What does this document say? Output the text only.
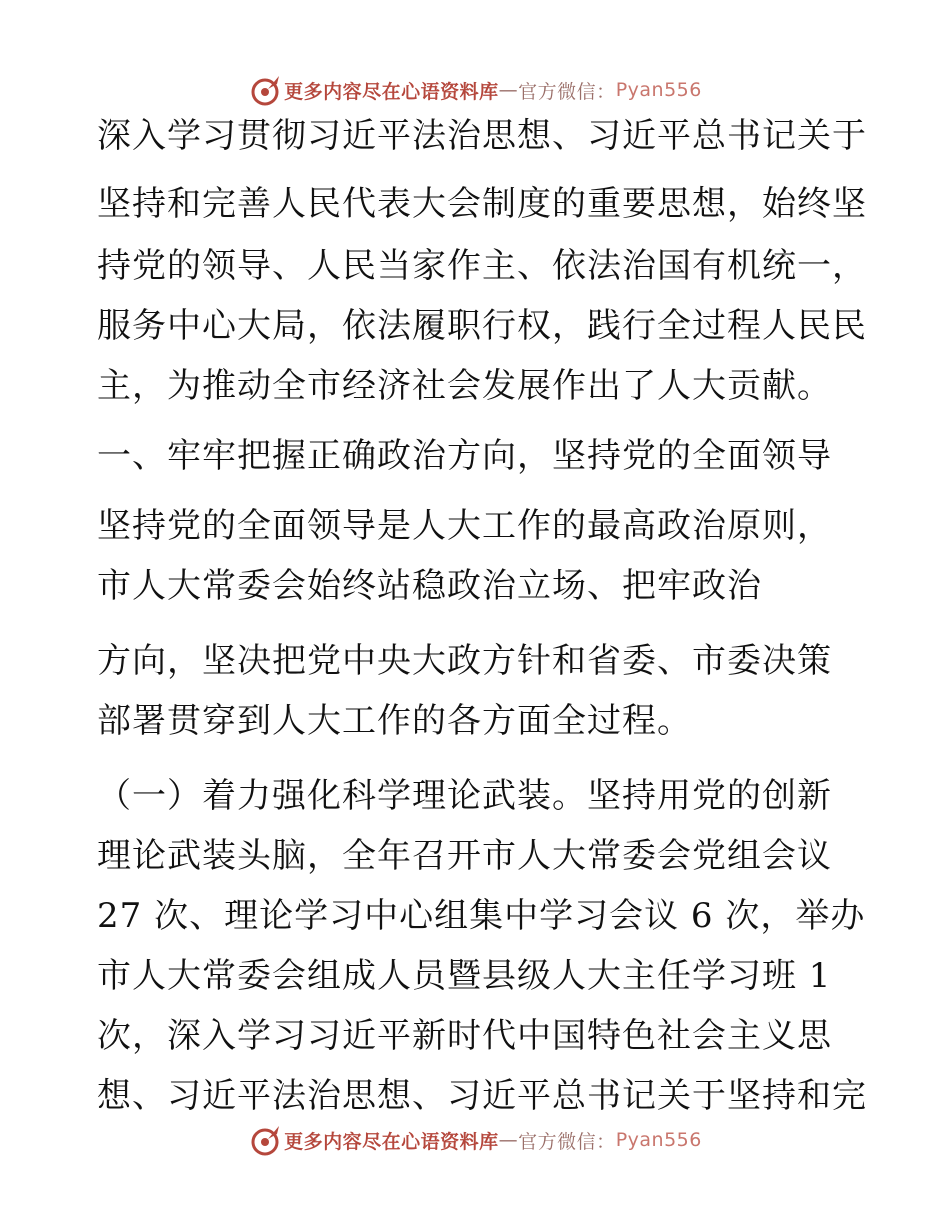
更多内容尽在心语资料库 — 官方微信： Pyan556
深入学习贯彻习近平法治思想、习近平总书记关于
坚持和完善人民代表大会制度的重要思想，始终坚
持党的领导、人民当家作主、依法治国有机统一，
服务中心大局，依法履职行权，践行全过程人民民
主，为推动全市经济社会发展作出了人大贡献。
一、牢牢把握正确政治方向，坚持党的全面领导
坚持党的全面领导是人大工作的最高政治原则，
市人大常委会始终站稳政治立场、把牢政治
方向，坚决把党中央大政方针和省委、市委决策
部署贯穿到人大工作的各方面全过程。
（一）着力强化科学理论武装。坚持用党的创新
理论武装头脑，全年召开市人大常委会党组会议
27 次、理论学习中心组集中学习会议 6 次，举办
市人大常委会组成人员暨县级人大主任学习班 1
次，深入学习习近平新时代中国特色社会主义思
想、习近平法治思想、习近平总书记关于坚持和完
更多内容尽在心语资料库 — 官方微信： Pyan556
